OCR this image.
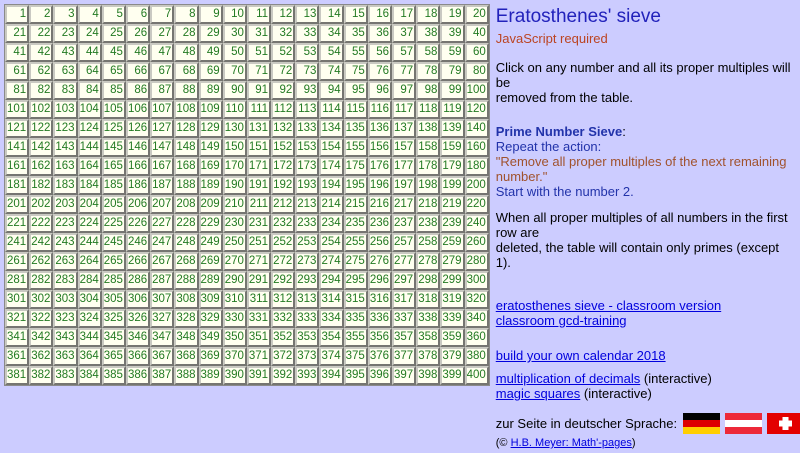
1	2	3	4	5	6	7	8	9	10	11	12	13	14	15	16	17	18	19	20
21	22	23	24	25	26	27	28	29	30	31	32	33	34	35	36	37	38	39	40
41	42	43	44	45	46	47	48	49	50	51	52	53	54	55	56	57	58	59	60
61	62	63	64	65	66	67	68	69	70	71	72	73	74	75	76	77	78	79	80
81	82	83	84	85	86	87	88	89	90	91	92	93	94	95	96	97	98	99	100
101	102	103	104	105	106	107	108	109	110	111	112	113	114	115	116	117	118	119	120
121	122	123	124	125	126	127	128	129	130	131	132	133	134	135	136	137	138	139	140
141	142	143	144	145	146	147	148	149	150	151	152	153	154	155	156	157	158	159	160
161	162	163	164	165	166	167	168	169	170	171	172	173	174	175	176	177	178	179	180
181	182	183	184	185	186	187	188	189	190	191	192	193	194	195	196	197	198	199	200
201	202	203	204	205	206	207	208	209	210	211	212	213	214	215	216	217	218	219	220
221	222	223	224	225	226	227	228	229	230	231	232	233	234	235	236	237	238	239	240
241	242	243	244	245	246	247	248	249	250	251	252	253	254	255	256	257	258	259	260
261	262	263	264	265	266	267	268	269	270	271	272	273	274	275	276	277	278	279	280
281	282	283	284	285	286	287	288	289	290	291	292	293	294	295	296	297	298	299	300
301	302	303	304	305	306	307	308	309	310	311	312	313	314	315	316	317	318	319	320
321	322	323	324	325	326	327	328	329	330	331	332	333	334	335	336	337	338	339	340
341	342	343	344	345	346	347	348	349	350	351	352	353	354	355	356	357	358	359	360
361	362	363	364	365	366	367	368	369	370	371	372	373	374	375	376	377	378	379	380
381	382	383	384	385	386	387	388	389	390	391	392	393	394	395	396	397	398	399	400
Eratosthenes' sieve
JavaScript required
Click on any number and all its proper multiples will be
removed from the table.
Prime Number Sieve:
Repeat the action:
"Remove all proper multiples of the next remaining
number."
Start with the number 2.
When all proper multiples of all numbers in the first row are
deleted, the table will contain only primes (except 1).
eratosthenes sieve - classroom version
classroom gcd-training
build your own calendar 2018
multiplication of decimals (interactive)
magic squares (interactive)
zur Seite in deutscher Sprache:
(© H.B. Meyer: Math'-pages)
